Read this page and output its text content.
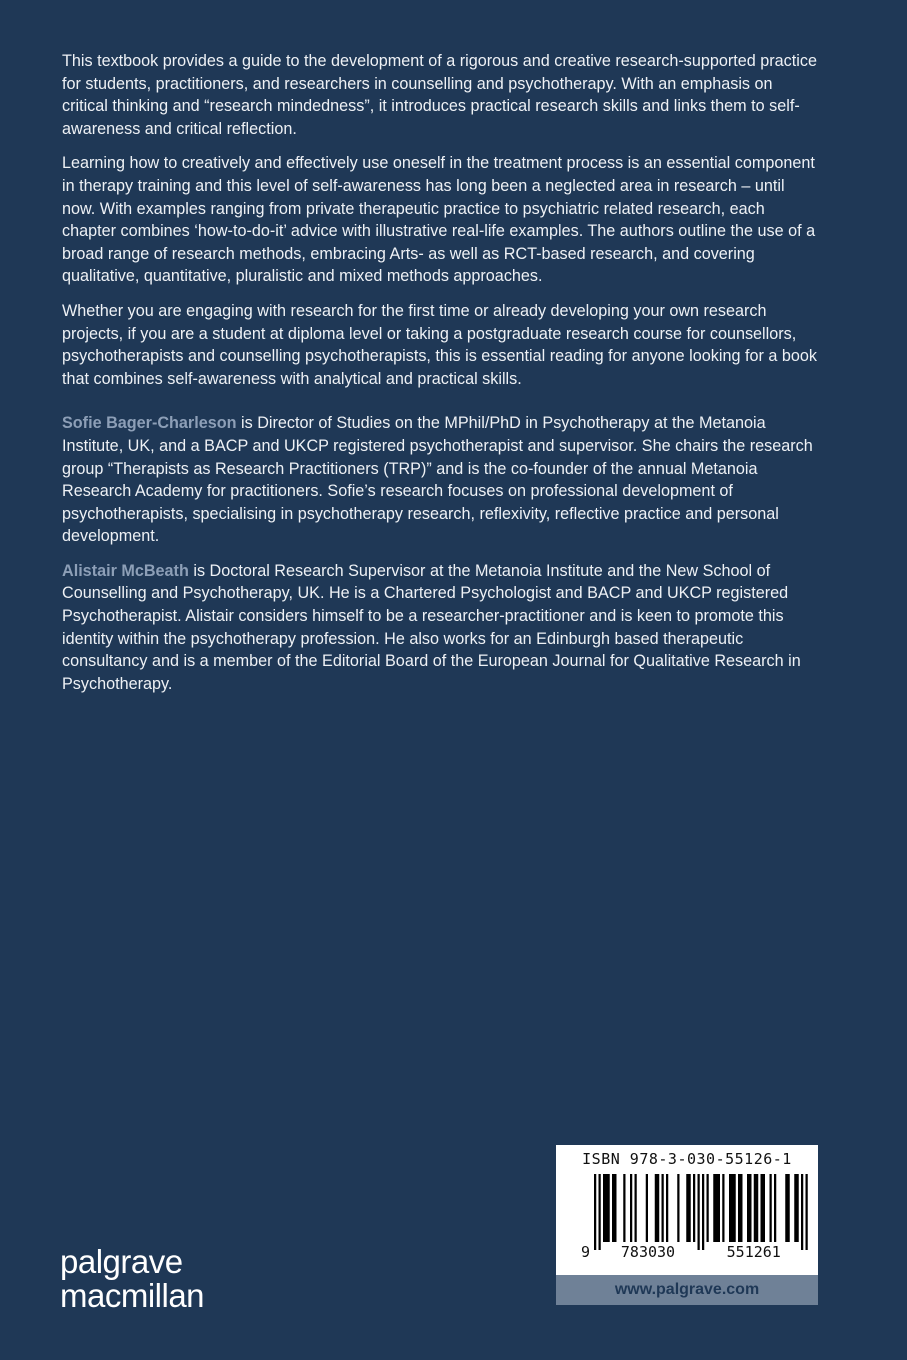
This textbook provides a guide to the development of a rigorous and creative research-supported practice for students, practitioners, and researchers in counselling and psychotherapy. With an emphasis on critical thinking and “research mindedness”, it introduces practical research skills and links them to self-awareness and critical reflection.

Learning how to creatively and effectively use oneself in the treatment process is an essential component in therapy training and this level of self-awareness has long been a neglected area in research – until now. With examples ranging from private therapeutic practice to psychiatric related research, each chapter combines ‘how-to-do-it’ advice with illustrative real-life examples. The authors outline the use of a broad range of research methods, embracing Arts- as well as RCT-based research, and covering qualitative, quantitative, pluralistic and mixed methods approaches.

Whether you are engaging with research for the first time or already developing your own research projects, if you are a student at diploma level or taking a postgraduate research course for counsellors, psychotherapists and counselling psychotherapists, this is essential reading for anyone looking for a book that combines self-awareness with analytical and practical skills.

Sofie Bager-Charleson is Director of Studies on the MPhil/PhD in Psychotherapy at the Metanoia Institute, UK, and a BACP and UKCP registered psychotherapist and supervisor. She chairs the research group “Therapists as Research Practitioners (TRP)” and is the co-founder of the annual Metanoia Research Academy for practitioners. Sofie’s research focuses on professional development of psychotherapists, specialising in psychotherapy research, reflexivity, reflective practice and personal development.

Alistair McBeath is Doctoral Research Supervisor at the Metanoia Institute and the New School of Counselling and Psychotherapy, UK. He is a Chartered Psychologist and BACP and UKCP registered Psychotherapist. Alistair considers himself to be a researcher-practitioner and is keen to promote this identity within the psychotherapy profession. He also works for an Edinburgh based therapeutic consultancy and is a member of the Editorial Board of the European Journal for Qualitative Research in Psychotherapy.

palgrave
macmillan
ISBN 978-3-030-55126-1
9 783030	551261
www.palgrave.com
